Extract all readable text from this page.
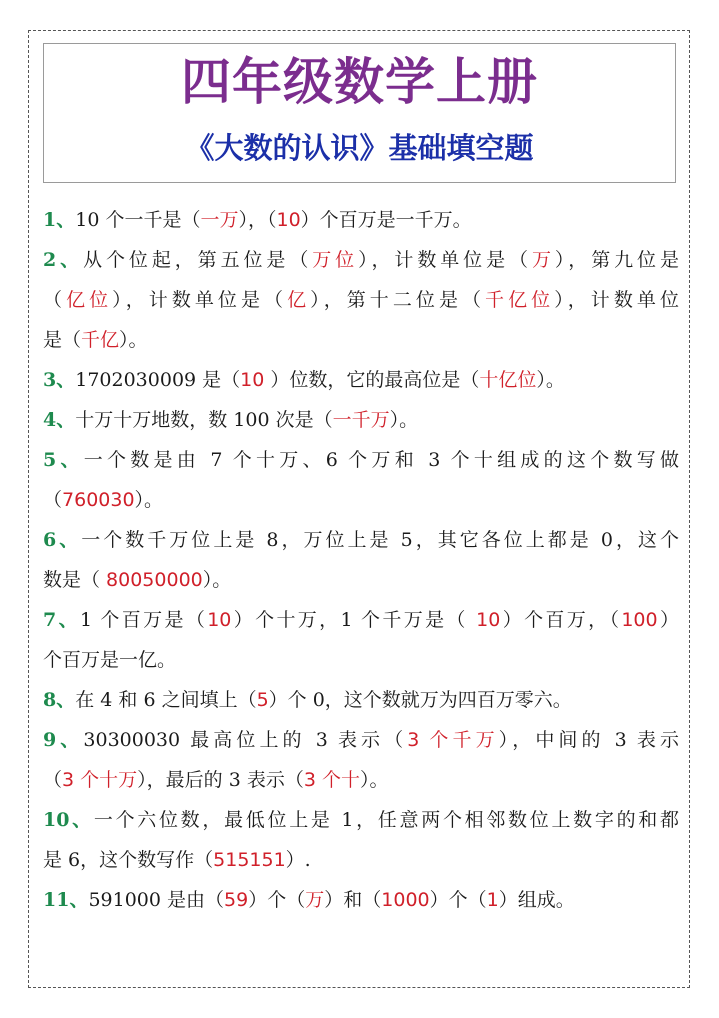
四年级数学上册
《大数的认识》基础填空题
1、10 个一千是（一万），（10）个百万是一千万。
2、从个位起，第五位是（万位），计数单位是（万），第九位是
（亿位），计数单位是（亿），第十二位是（千亿位），计数单位
是（千亿）。
3、1702030009 是（10 ）位数，它的最高位是（十亿位）。
4、十万十万地数，数 100 次是（一千万）。
5、一个数是由 7 个十万、6 个万和 3 个十组成的这个数写做
（760030）。
6、一个数千万位上是 8，万位上是 5，其它各位上都是 0，这个
数是（ 80050000）。
7、1 个百万是（10）个十万，1 个千万是（ 10）个百万，（100）
个百万是一亿。
8、在 4 和 6 之间填上（5）个 0，这个数就万为四百万零六。
9、30300030 最高位上的 3 表示（3 个千万），中间的 3 表示
（3 个十万），最后的 3 表示（3 个十）。
10、一个六位数，最低位上是 1，任意两个相邻数位上数字的和都
是 6，这个数写作（515151）.
11、591000 是由（59）个（万）和（1000）个（1）组成。
